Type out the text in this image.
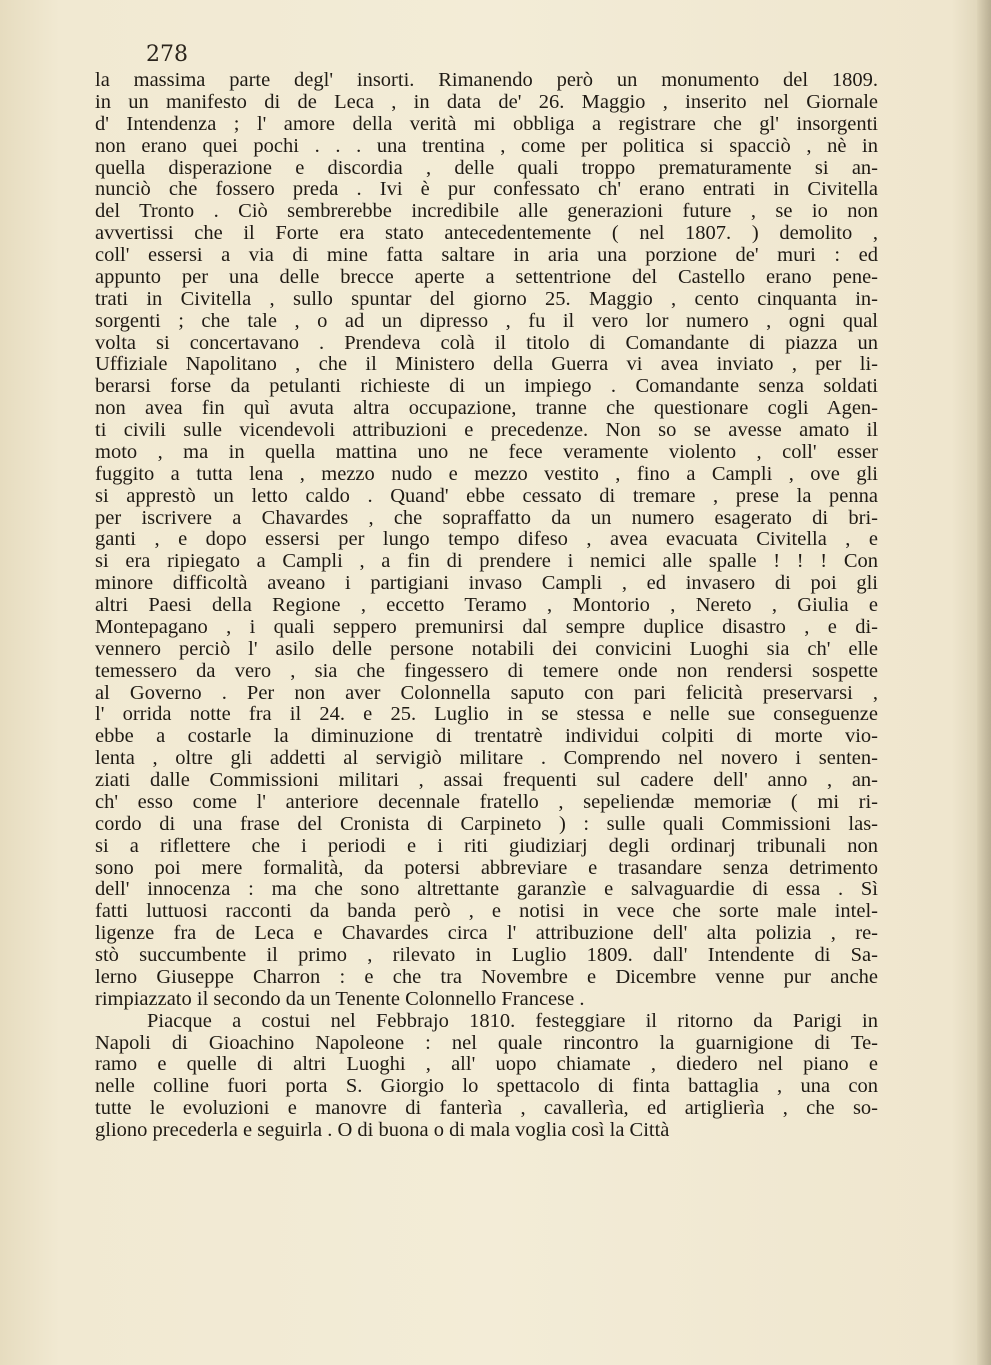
278
la massima parte degl' insorti. Rimanendo però un monumento del 1809.
in un manifesto di de Leca , in data de' 26. Maggio , inserito nel Giornale
d' Intendenza ; l' amore della verità mi obbliga a registrare che gl' insorgenti
non erano quei pochi . . . una trentina , come per politica si spacciò , nè in
quella disperazione e discordia , delle quali troppo prematuramente si an-
nunciò che fossero preda . Ivi è pur confessato ch' erano entrati in Civitella
del Tronto . Ciò sembrerebbe incredibile alle generazioni future , se io non
avvertissi che il Forte era stato antecedentemente ( nel 1807. ) demolito ,
coll' essersi a via di mine fatta saltare in aria una porzione de' muri : ed
appunto per una delle brecce aperte a settentrione del Castello erano pene-
trati in Civitella , sullo spuntar del giorno 25. Maggio , cento cinquanta in-
sorgenti ; che tale , o ad un dipresso , fu il vero lor numero , ogni qual
volta si concertavano . Prendeva colà il titolo di Comandante di piazza un
Uffiziale Napolitano , che il Ministero della Guerra vi avea inviato , per li-
berarsi forse da petulanti richieste di un impiego . Comandante senza soldati
non avea fin quì avuta altra occupazione, tranne che questionare cogli Agen-
ti civili sulle vicendevoli attribuzioni e precedenze. Non so se avesse amato il
moto , ma in quella mattina uno ne fece veramente violento , coll' esser
fuggito a tutta lena , mezzo nudo e mezzo vestito , fino a Campli , ove gli
si apprestò un letto caldo . Quand' ebbe cessato di tremare , prese la penna
per iscrivere a Chavardes , che sopraffatto da un numero esagerato di bri-
ganti , e dopo essersi per lungo tempo difeso , avea evacuata Civitella , e
si era ripiegato a Campli , a fin di prendere i nemici alle spalle ! ! ! Con
minore difficoltà aveano i partigiani invaso Campli , ed invasero di poi gli
altri Paesi della Regione , eccetto Teramo , Montorio , Nereto , Giulia e
Montepagano , i quali seppero premunirsi dal sempre duplice disastro , e di-
vennero perciò l' asilo delle persone notabili dei convicini Luoghi sia ch' elle
temessero da vero , sia che fingessero di temere onde non rendersi sospette
al Governo . Per non aver Colonnella saputo con pari felicità preservarsi ,
l' orrida notte fra il 24. e 25. Luglio in se stessa e nelle sue conseguenze
ebbe a costarle la diminuzione di trentatrè individui colpiti di morte vio-
lenta , oltre gli addetti al servigiò militare . Comprendo nel novero i senten-
ziati dalle Commissioni militari , assai frequenti sul cadere dell' anno , an-
ch' esso come l' anteriore decennale fratello , sepeliendæ memoriæ ( mi ri-
cordo di una frase del Cronista di Carpineto ) : sulle quali Commissioni las-
si a riflettere che i periodi e i riti giudiziarj degli ordinarj tribunali non
sono poi mere formalità, da potersi abbreviare e trasandare senza detrimento
dell' innocenza : ma che sono altrettante garanzìe e salvaguardie di essa . Sì
fatti luttuosi racconti da banda però , e notisi in vece che sorte male intel-
ligenze fra de Leca e Chavardes circa l' attribuzione dell' alta polizia , re-
stò succumbente il primo , rilevato in Luglio 1809. dall' Intendente di Sa-
lerno Giuseppe Charron : e che tra Novembre e Dicembre venne pur anche
rimpiazzato il secondo da un Tenente Colonnello Francese .
Piacque a costui nel Febbrajo 1810. festeggiare il ritorno da Parigi in
Napoli di Gioachino Napoleone : nel quale rincontro la guarnigione di Te-
ramo e quelle di altri Luoghi , all' uopo chiamate , diedero nel piano e
nelle colline fuori porta S. Giorgio lo spettacolo di finta battaglia , una con
tutte le evoluzioni e manovre di fanterìa , cavallerìa, ed artiglierìa , che so-
gliono precederla e seguirla . O di buona o di mala voglia così la Città
